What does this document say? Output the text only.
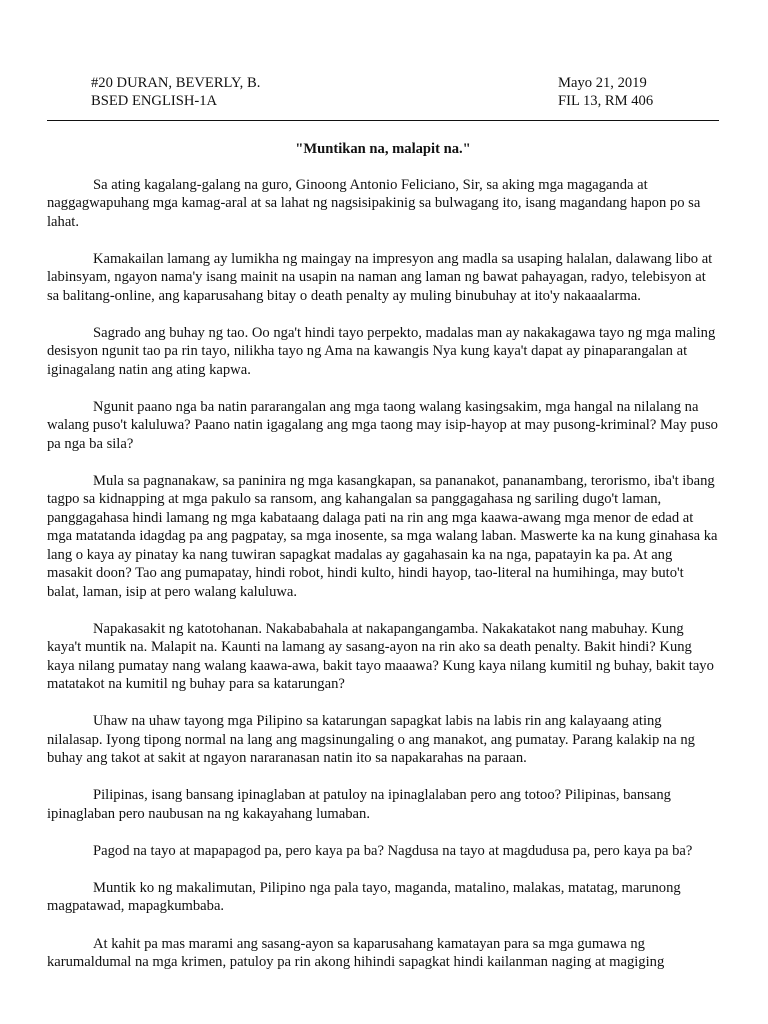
#20 DURAN, BEVERLY, B.
BSED ENGLISH-1A
Mayo 21, 2019
FIL 13, RM 406
"Muntikan na, malapit na."

Sa ating kagalang-galang na guro, Ginoong Antonio Feliciano, Sir, sa aking mga magaganda at naggagwapuhang mga kamag-aral at sa lahat ng nagsisipakinig sa bulwagang ito, isang magandang hapon po sa lahat.

Kamakailan lamang ay lumikha ng maingay na impresyon ang madla sa usaping halalan, dalawang libo at labinsyam, ngayon nama'y isang mainit na usapin na naman ang laman ng bawat pahayagan, radyo, telebisyon at sa balitang-online, ang kaparusahang bitay o death penalty ay muling binubuhay at ito'y nakaaalarma.

Sagrado ang buhay ng tao. Oo nga't hindi tayo perpekto, madalas man ay nakakagawa tayo ng mga maling desisyon ngunit tao pa rin tayo, nilikha tayo ng Ama na kawangis Nya kung kaya't dapat ay pinaparangalan at iginagalang natin ang ating kapwa.

Ngunit paano nga ba natin pararangalan ang mga taong walang kasingsakim, mga hangal na nilalang na walang puso't kaluluwa? Paano natin igagalang ang mga taong may isip-hayop at may pusong-kriminal? May puso pa nga ba sila?

Mula sa pagnanakaw, sa paninira ng mga kasangkapan, sa pananakot, pananambang, terorismo, iba't ibang tagpo sa kidnapping at mga pakulo sa ransom, ang kahangalan sa panggagahasa ng sariling dugo't laman, panggagahasa hindi lamang ng mga kabataang dalaga pati na rin ang mga kaawa-awang mga menor de edad at mga matatanda idagdag pa ang pagpatay, sa mga inosente, sa mga walang laban. Maswerte ka na kung ginahasa ka lang o kaya ay pinatay ka nang tuwiran sapagkat madalas ay gagahasain ka na nga, papatayin ka pa. At ang masakit doon? Tao ang pumapatay, hindi robot, hindi kulto, hindi hayop, tao-literal na humihinga, may buto't balat, laman, isip at pero walang kaluluwa.

Napakasakit ng katotohanan. Nakababahala at nakapangangamba. Nakakatakot nang mabuhay. Kung kaya't muntik na. Malapit na. Kaunti na lamang ay sasang-ayon na rin ako sa death penalty. Bakit hindi? Kung kaya nilang pumatay nang walang kaawa-awa, bakit tayo maaawa? Kung kaya nilang kumitil ng buhay, bakit tayo matatakot na kumitil ng buhay para sa katarungan?

Uhaw na uhaw tayong mga Pilipino sa katarungan sapagkat labis na labis rin ang kalayaang ating nilalasap. Iyong tipong normal na lang ang magsinungaling o ang manakot, ang pumatay. Parang kalakip na ng buhay ang takot at sakit at ngayon nararanasan natin ito sa napakarahas na paraan.

Pilipinas, isang bansang ipinaglaban at patuloy na ipinaglalaban pero ang totoo? Pilipinas, bansang ipinaglaban pero naubusan na ng kakayahang lumaban.

Pagod na tayo at mapapagod pa, pero kaya pa ba? Nagdusa na tayo at magdudusa pa, pero kaya pa ba?

Muntik ko ng makalimutan, Pilipino nga pala tayo, maganda, matalino, malakas, matatag, marunong magpatawad, mapagkumbaba.

At kahit pa mas marami ang sasang-ayon sa kaparusahang kamatayan para sa mga gumawa ng karumaldumal na mga krimen, patuloy pa rin akong hihindi sapagkat hindi kailanman naging at magiging
